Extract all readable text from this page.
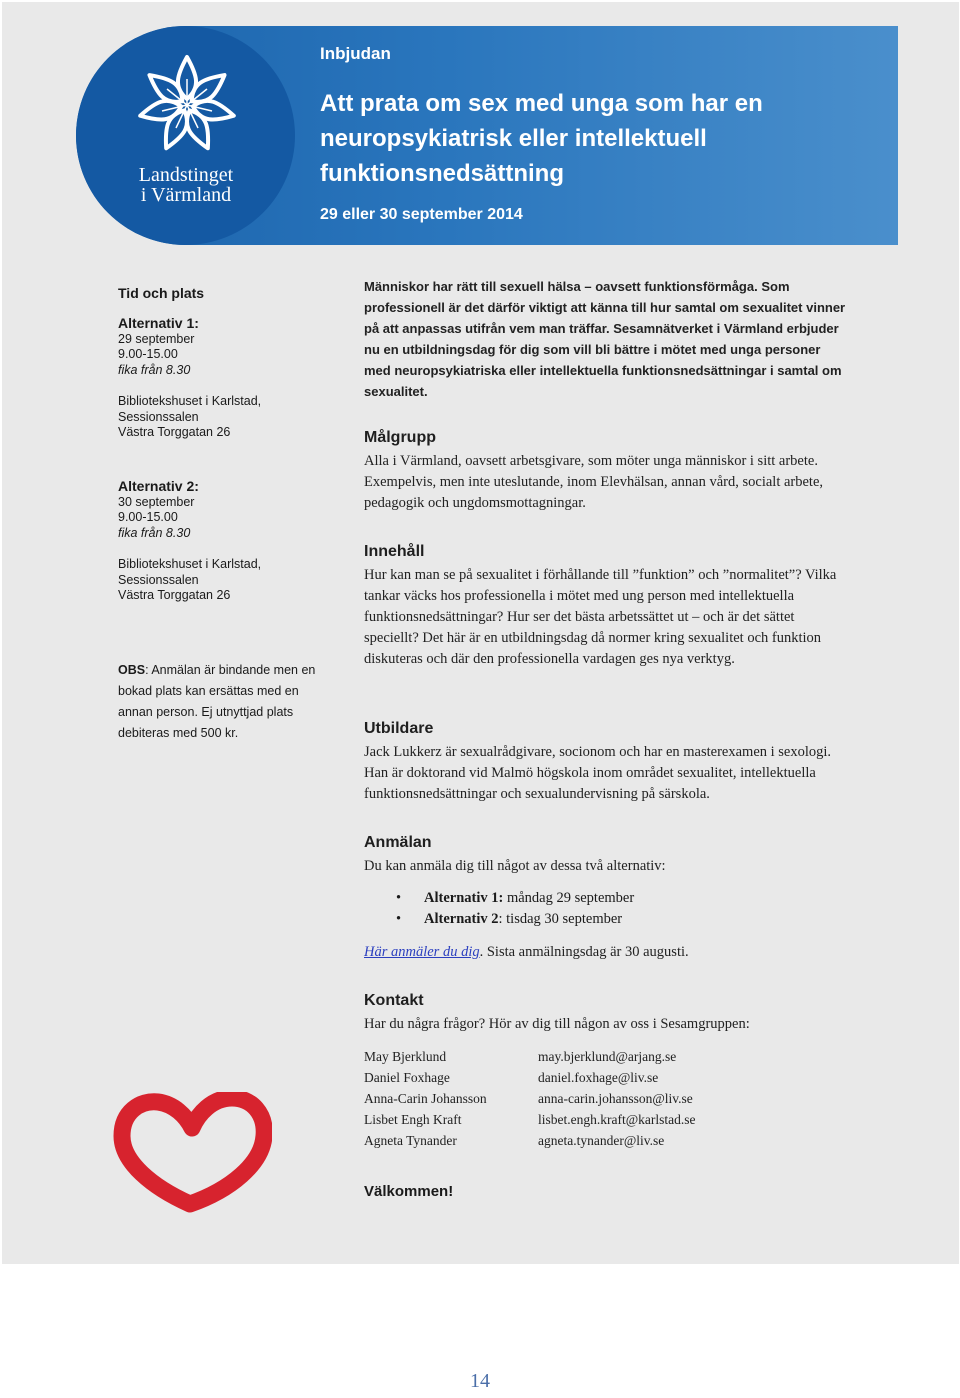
Landstinget
i Värmland
Inbjudan
Att prata om sex med unga som har en neuropsykiatrisk eller intellektuell funktionsnedsättning
29 eller 30 september 2014
Tid och plats
Alternativ 1:
29 september
9.00-15.00
fika från 8.30
Bibliotekshuset i Karlstad,
Sessionssalen
Västra Torggatan 26
Alternativ 2:
30 september
9.00-15.00
fika från 8.30
Bibliotekshuset i Karlstad,
Sessionssalen
Västra Torggatan 26
OBS: Anmälan är bindande men en bokad plats kan ersättas med en annan person. Ej utnyttjad plats debiteras med 500 kr.
Människor har rätt till sexuell hälsa – oavsett funktionsförmåga. Som professionell är det därför viktigt att känna till hur samtal om sexualitet vinner på att anpassas utifrån vem man träffar. Sesamnätverket i Värmland erbjuder nu en utbildningsdag för dig som vill bli bättre i mötet med unga personer med neuropsykiatriska eller intellektuella funktionsnedsättningar i samtal om sexualitet.
Målgrupp
Alla i Värmland, oavsett arbetsgivare, som möter unga människor i sitt arbete. Exempelvis, men inte uteslutande, inom Elevhälsan, annan vård, socialt arbete, pedagogik och ungdomsmottagningar.
Innehåll
Hur kan man se på sexualitet i förhållande till ”funktion” och ”normalitet”? Vilka tankar väcks hos professionella i mötet med ung person med intellektuella funktionsnedsättningar? Hur ser det bästa arbetssättet ut – och är det sättet speciellt? Det här är en utbildningsdag då normer kring sexualitet och funktion diskuteras och där den professionella vardagen ges nya verktyg.
Utbildare
Jack Lukkerz är sexualrådgivare, socionom och har en masterexamen i sexologi. Han är doktorand vid Malmö högskola inom området sexualitet, intellektuella funktionsnedsättningar och sexualundervisning på särskola.
Anmälan
Du kan anmäla dig till något av dessa två alternativ:
• Alternativ 1: måndag 29 september
• Alternativ 2: tisdag 30 september
Här anmäler du dig. Sista anmälningsdag är 30 augusti.
Kontakt
Har du några frågor? Hör av dig till någon av oss i Sesamgruppen:
May Bjerklund
Daniel Foxhage
Anna-Carin Johansson
Lisbet Engh Kraft
Agneta Tynander
may.bjerklund@arjang.se
daniel.foxhage@liv.se
anna-carin.johansson@liv.se
lisbet.engh.kraft@karlstad.se
agneta.tynander@liv.se
Välkommen!
14
